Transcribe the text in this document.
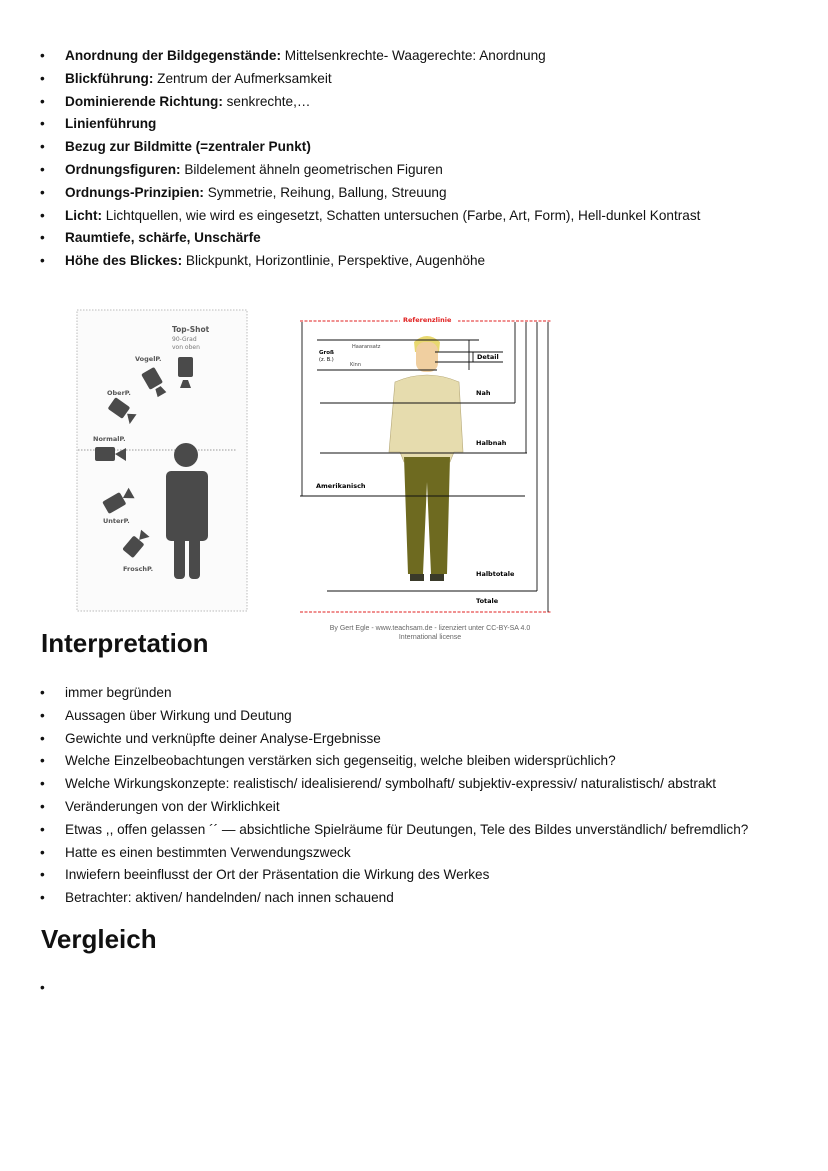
• Anordnung der Bildgegenstände: Mittelsenkrechte- Waagerechte: Anordnung
• Blickführung: Zentrum der Aufmerksamkeit
• Dominierende Richtung: senkrechte,…
• Linienführung
• Bezug zur Bildmitte (=zentraler Punkt)
• Ordnungsfiguren: Bildelement ähneln geometrischen Figuren
• Ordnungs-Prinzipien: Symmetrie, Reihung, Ballung, Streuung
• Licht: Lichtquellen, wie wird es eingesetzt, Schatten untersuchen (Farbe, Art, Form), Hell-dunkel Kontrast
• Raumtiefe, schärfe, Unschärfe
• Höhe des Blickes: Blickpunkt, Horizontlinie, Perspektive, Augenhöhe
Top-Shot
90-Grad
von oben
VogelP.
OberP.
NormalP.
UnterP.
FroschP.
Referenzlinie
Groß
(z. B.)
Haaransatz
Kinn
Detail
Nah
Halbnah
Amerikanisch
Halbtotale
Totale
By Gert Egle - www.teachsam.de - lizenziert unter CC-BY-SA 4.0
International license
Interpretation
• immer begründen
• Aussagen über Wirkung und Deutung
• Gewichte und verknüpfte deiner Analyse-Ergebnisse
• Welche Einzelbeobachtungen verstärken sich gegenseitig, welche bleiben widersprüchlich?
• Welche Wirkungskonzepte: realistisch/ idealisierend/ symbolhaft/ subjektiv-expressiv/ naturalistisch/ abstrakt
• Veränderungen von der Wirklichkeit
• Etwas ,, offen gelassen ´´ — absichtliche Spielräume für Deutungen, Tele des Bildes unverständlich/ befremdlich?
• Hatte es einen bestimmten Verwendungszweck
• Inwiefern beeinflusst der Ort der Präsentation die Wirkung des Werkes
• Betrachter: aktiven/ handelnden/ nach innen schauend
Vergleich
•
